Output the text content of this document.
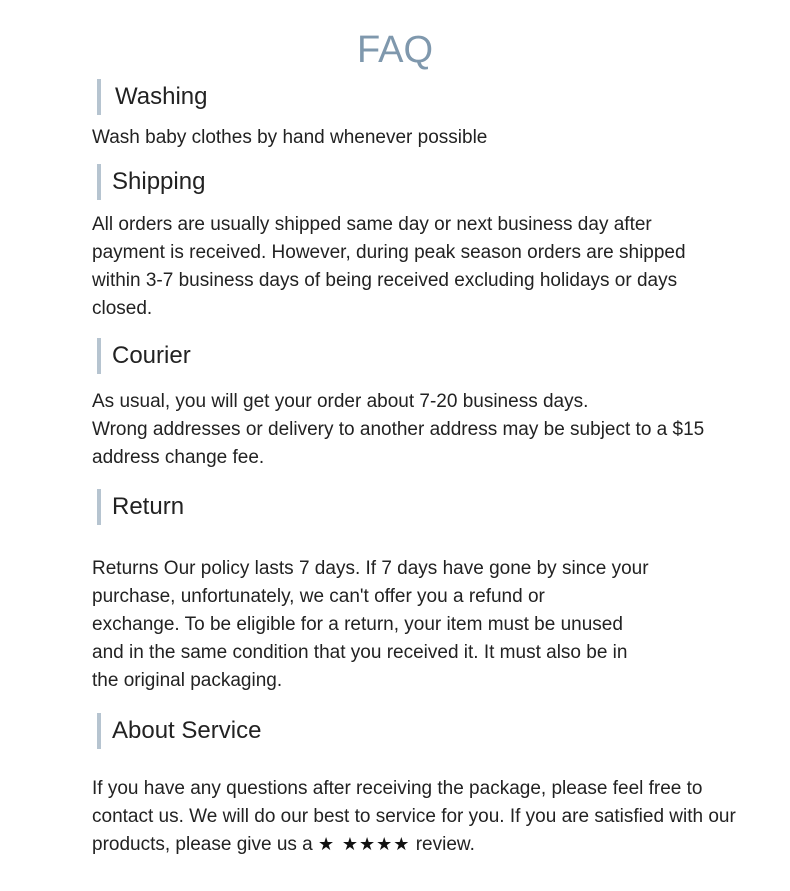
FAQ
Washing
Wash baby clothes by hand whenever possible
Shipping
All orders are usually shipped same day or next business day after
payment is received. However, during peak season orders are shipped
within 3-7 business days of being received excluding holidays or days
closed.
Courier
As usual, you will get your order about 7-20 business days.
Wrong addresses or delivery to another address may be subject to a $15
address change fee.
Return
Returns Our policy lasts 7 days. If 7 days have gone by since your
purchase, unfortunately, we can't offer you a refund or
exchange. To be eligible for a return, your item must be unused
and in the same condition that you received it. It must also be in
the original packaging.
About Service
If you have any questions after receiving the package, please feel free to
contact us. We will do our best to service for you. If you are satisfied with our
products, please give us a ★ ★★★★ review.
